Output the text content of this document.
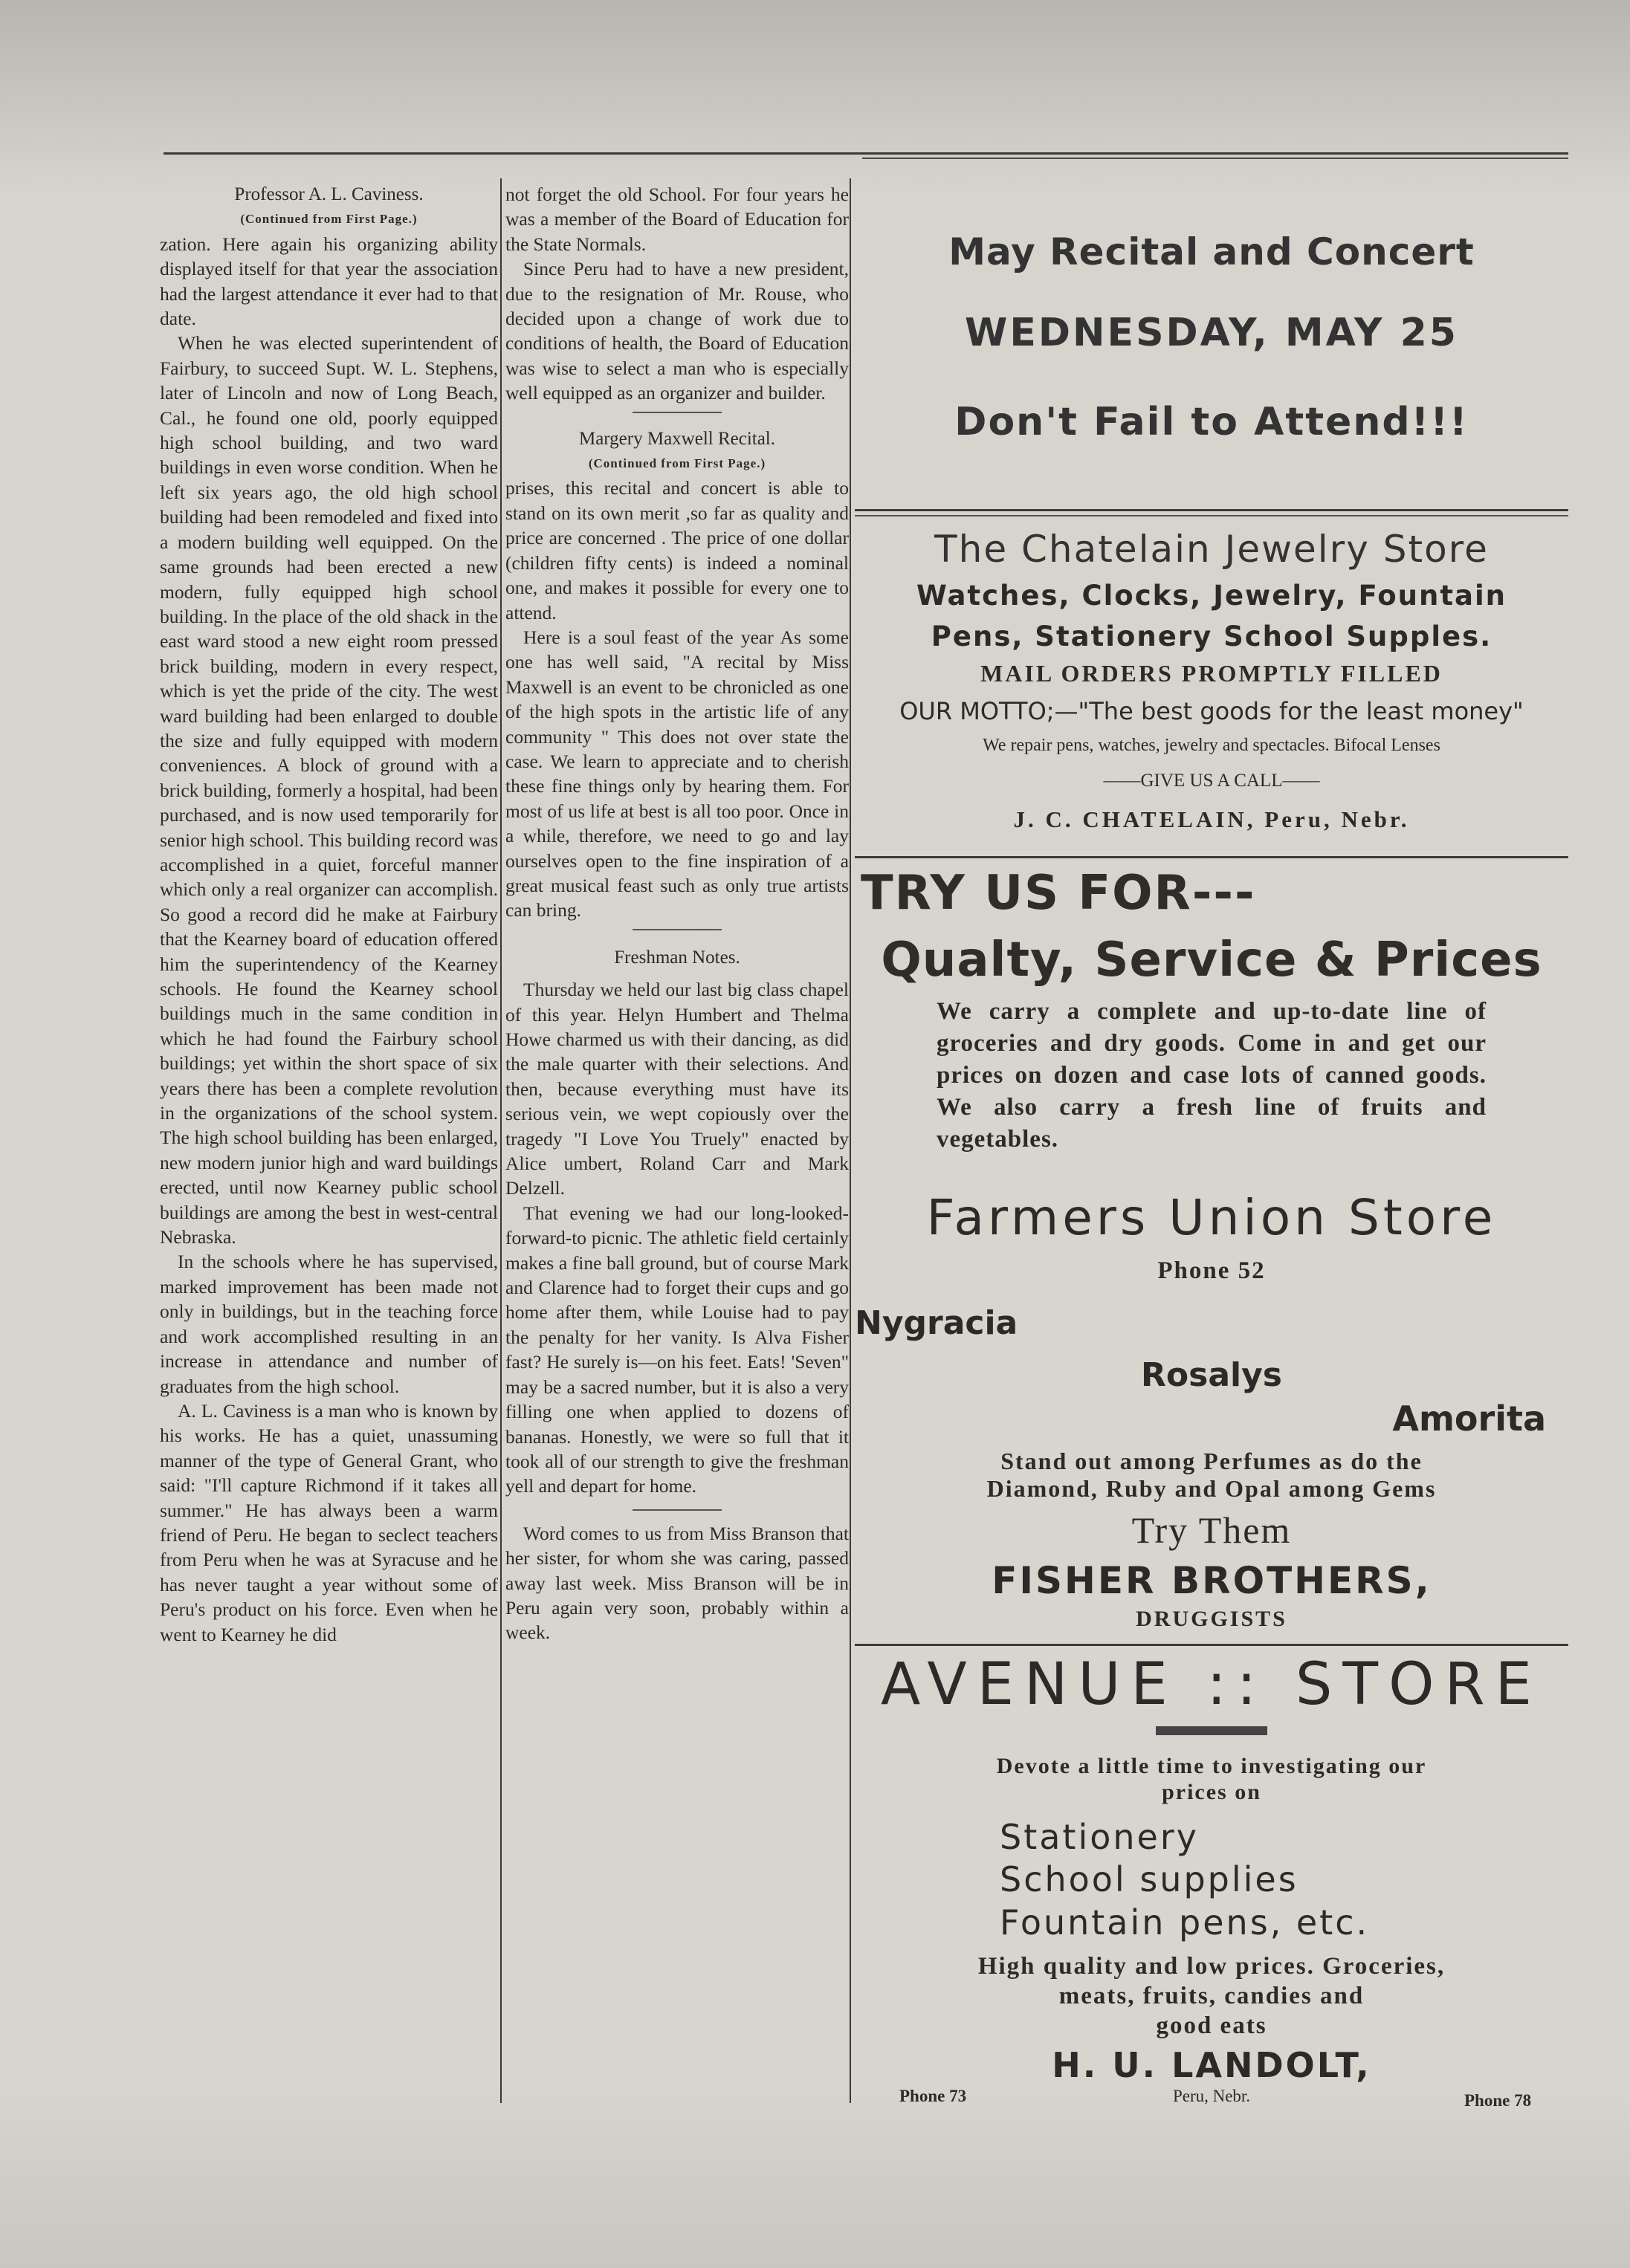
Professor A. L. Caviness.

(Continued from First Page.)

zation. Here again his organizing ability displayed itself for that year the association had the largest attendance it ever had to that date.

When he was elected superintendent of Fairbury, to succeed Supt. W. L. Stephens, later of Lincoln and now of Long Beach, Cal., he found one old, poorly equipped high school building, and two ward buildings in even worse condition. When he left six years ago, the old high school building had been remodeled and fixed into a modern building well equipped. On the same grounds had been erected a new modern, fully equipped high school building. In the place of the old shack in the east ward stood a new eight room pressed brick building, modern in every respect, which is yet the pride of the city. The west ward building had been enlarged to double the size and fully equipped with modern conveniences. A block of ground with a brick building, formerly a hospital, had been purchased, and is now used temporarily for senior high school. This building record was accomplished in a quiet, forceful manner which only a real organizer can accomplish. So good a record did he make at Fairbury that the Kearney board of education offered him the superintendency of the Kearney schools. He found the Kearney school buildings much in the same condition in which he had found the Fairbury school buildings; yet within the short space of six years there has been a complete revolution in the organizations of the school system. The high school building has been enlarged, new modern junior high and ward buildings erected, until now Kearney public school buildings are among the best in west-central Nebraska.

In the schools where he has supervised, marked improvement has been made not only in buildings, but in the teaching force and work accomplished resulting in an increase in attendance and number of graduates from the high school.

A. L. Caviness is a man who is known by his works. He has a quiet, unassuming manner of the type of General Grant, who said: "I'll capture Richmond if it takes all summer." He has always been a warm friend of Peru. He began to seclect teachers from Peru when he was at Syracuse and he has never taught a year without some of Peru's product on his force. Even when he went to Kearney he did

not forget the old School. For four years he was a member of the Board of Education for the State Normals.

Since Peru had to have a new president, due to the resignation of Mr. Rouse, who decided upon a change of work due to conditions of health, the Board of Education was wise to select a man who is especially well equipped as an organizer and builder.

Margery Maxwell Recital.

(Continued from First Page.)

prises, this recital and concert is able to stand on its own merit ,so far as quality and price are concerned . The price of one dollar (children fifty cents) is indeed a nominal one, and makes it possible for every one to attend.

Here is a soul feast of the year As some one has well said, "A recital by Miss Maxwell is an event to be chronicled as one of the high spots in the artistic life of any community " This does not over state the case. We learn to appreciate and to cherish these fine things only by hearing them. For most of us life at best is all too poor. Once in a while, therefore, we need to go and lay ourselves open to the fine inspiration of a great musical feast such as only true artists can bring.

Freshman Notes.

Thursday we held our last big class chapel of this year. Helyn Humbert and Thelma Howe charmed us with their dancing, as did the male quarter with their selections. And then, because everything must have its serious vein, we wept copiously over the tragedy "I Love You Truely" enacted by Alice umbert, Roland Carr and Mark Delzell.

That evening we had our long-looked-forward-to picnic. The athletic field certainly makes a fine ball ground, but of course Mark and Clarence had to forget their cups and go home after them, while Louise had to pay the penalty for her vanity. Is Alva Fisher fast? He surely is—on his feet. Eats! 'Seven" may be a sacred number, but it is also a very filling one when applied to dozens of bananas. Honestly, we were so full that it took all of our strength to give the freshman yell and depart for home.

Word comes to us from Miss Branson that her sister, for whom she was caring, passed away last week. Miss Branson will be in Peru again very soon, probably within a week.

May Recital and Concert
WEDNESDAY, MAY 25
Don't Fail to Attend!!!
The Chatelain Jewelry Store
Watches, Clocks, Jewelry, Fountain
Pens, Stationery School Supples.
MAIL ORDERS PROMPTLY FILLED
OUR MOTTO;—"The best goods for the least money"
We repair pens, watches, jewelry and spectacles. Bifocal Lenses
——GIVE US A CALL——
J. C. CHATELAIN, Peru, Nebr.
TRY US FOR---
Qualty, Service & Prices
We carry a complete and up-to-date line of groceries and dry goods. Come in and get our prices on dozen and case lots of canned goods. We also carry a fresh line of fruits and vegetables.
Farmers Union Store
Phone 52
Nygracia
Rosalys
Amorita
Stand out among Perfumes as do the
Diamond, Ruby and Opal among Gems
Try Them
FISHER BROTHERS,
DRUGGISTS
AVENUE :: STORE
Devote a little time to investigating our
prices on
Stationery
School supplies
Fountain pens, etc.
High quality and low prices. Groceries,
meats, fruits, candies and
good eats
H. U. LANDOLT,
Phone 73	Peru, Nebr.	Phone 78
